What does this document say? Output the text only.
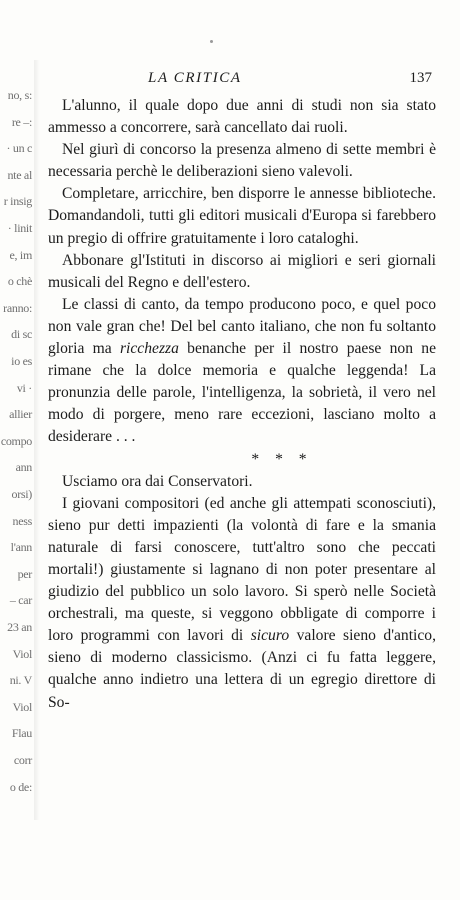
no, s:
re –:
· un c
nte al
r insig
· linit
e, im
o chè
ranno:
di sc
io es
vi ·
allier
compo
ann
orsi)
ness
l'ann
per
– car
23 an
Viol
ni. V
Viol
Flau
corr
o de:
LA CRITICA	137

L'alunno, il quale dopo due anni di studi non sia stato ammesso a concorrere, sarà cancellato dai ruoli.

Nel giurì di concorso la presenza almeno di sette membri è necessaria perchè le deliberazioni sieno valevoli.

Completare, arricchire, ben disporre le annesse biblioteche. Domandandoli, tutti gli editori musicali d'Europa si farebbero un pregio di offrire gratuitamente i loro cataloghi.

Abbonare gl'Istituti in discorso ai migliori e seri giornali musicali del Regno e dell'estero.

Le classi di canto, da tempo producono poco, e quel poco non vale gran che! Del bel canto italiano, che non fu soltanto gloria ma ricchezza benanche per il nostro paese non ne rimane che la dolce memoria e qualche leggenda! La pronunzia delle parole, l'intelligenza, la sobrietà, il vero nel modo di porgere, meno rare eccezioni, lasciano molto a desiderare . . .

* * *

Usciamo ora dai Conservatori.

I giovani compositori (ed anche gli attempati sconosciuti), sieno pur detti impazienti (la volontà di fare e la smania naturale di farsi conoscere, tutt'altro sono che peccati mortali!) giustamente si lagnano di non poter presentare al giudizio del pubblico un solo lavoro. Si sperò nelle Società orchestrali, ma queste, si veggono obbligate di comporre i loro programmi con lavori di sicuro valore sieno d'antico, sieno di moderno classicismo. (Anzi ci fu fatta leggere, qualche anno indietro una lettera di un egregio direttore di So-
